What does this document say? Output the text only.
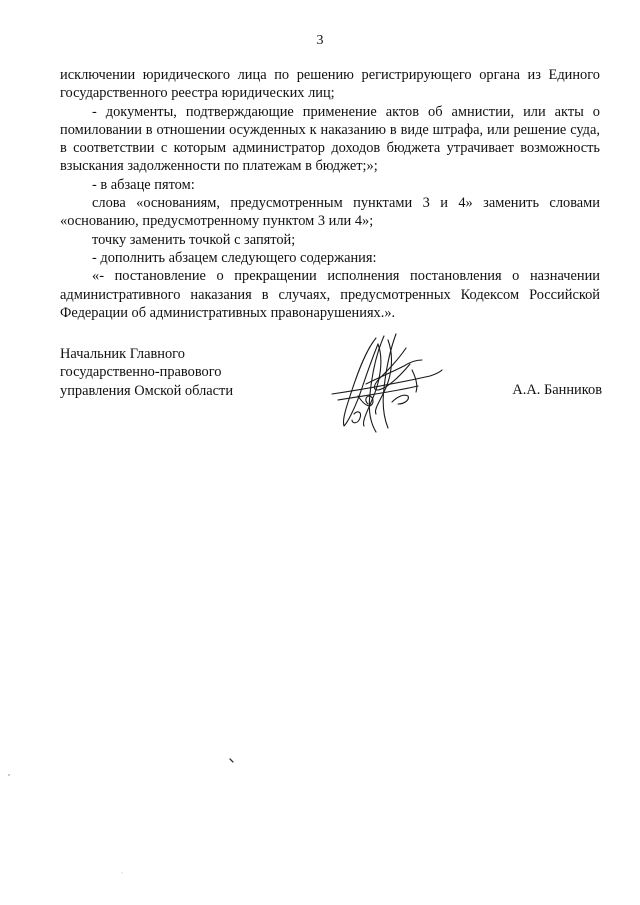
3

исключении юридического лица по решению регистрирующего органа из Единого государственного реестра юридических лиц;

- документы, подтверждающие применение актов об амнистии, или акты о помиловании в отношении осужденных к наказанию в виде штрафа, или решение суда, в соответствии с которым администратор доходов бюджета утрачивает возможность взыскания задолженности по платежам в бюджет;»;

- в абзаце пятом:

слова «основаниям, предусмотренным пунктами 3 и 4» заменить словами «основанию, предусмотренному пунктом 3 или 4»;

точку заменить точкой с запятой;

- дополнить абзацем следующего содержания:

«- постановление о прекращении исполнения постановления о назначении административного наказания в случаях, предусмотренных Кодексом Российской Федерации об административных правонарушениях.».

Начальник Главного
государственно-правового
управления Омской области	А.А. Банников
